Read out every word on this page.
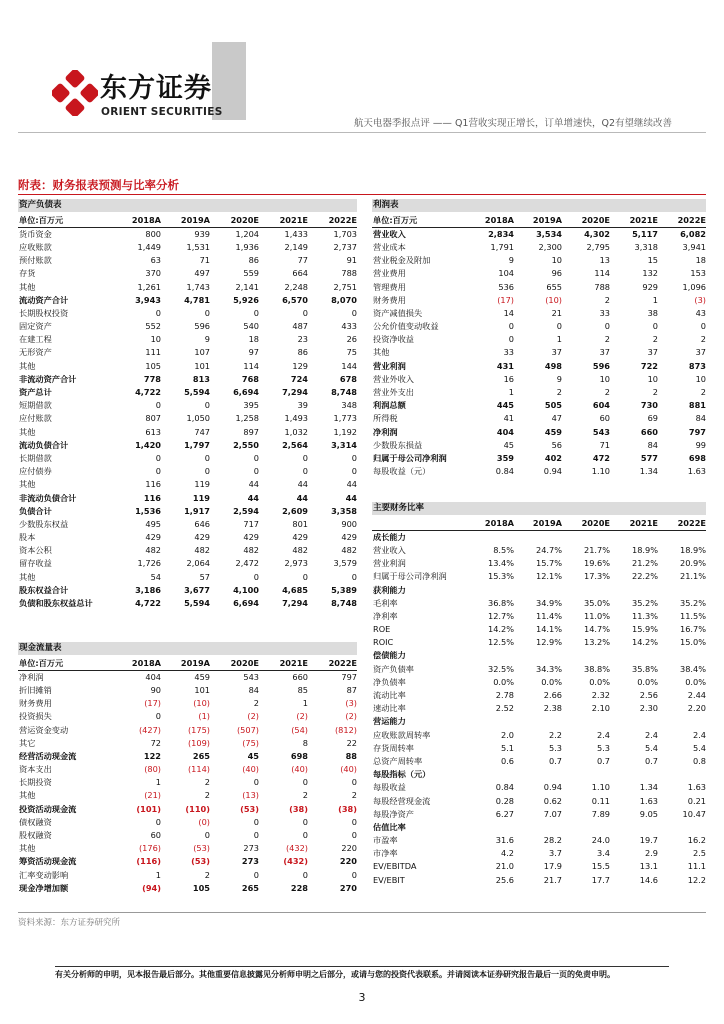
东方证券
ORIENT SECURITIES
航天电器季报点评 —— Q1营收实现正增长，订单增速快，Q2有望继续改善
附表：财务报表预测与比率分析
资产负债表
单位:百万元	2018A	2019A	2020E	2021E	2022E
货币资金	800	939	1,204	1,433	1,703
应收账款	1,449	1,531	1,936	2,149	2,737
预付账款	63	71	86	77	91
存货	370	497	559	664	788
其他	1,261	1,743	2,141	2,248	2,751
流动资产合计	3,943	4,781	5,926	6,570	8,070
长期股权投资	0	0	0	0	0
固定资产	552	596	540	487	433
在建工程	10	9	18	23	26
无形资产	111	107	97	86	75
其他	105	101	114	129	144
非流动资产合计	778	813	768	724	678
资产总计	4,722	5,594	6,694	7,294	8,748
短期借款	0	0	395	39	348
应付账款	807	1,050	1,258	1,493	1,773
其他	613	747	897	1,032	1,192
流动负债合计	1,420	1,797	2,550	2,564	3,314
长期借款	0	0	0	0	0
应付债券	0	0	0	0	0
其他	116	119	44	44	44
非流动负债合计	116	119	44	44	44
负债合计	1,536	1,917	2,594	2,609	3,358
少数股东权益	495	646	717	801	900
股本	429	429	429	429	429
资本公积	482	482	482	482	482
留存收益	1,726	2,064	2,472	2,973	3,579
其他	54	57	0	0	0
股东权益合计	3,186	3,677	4,100	4,685	5,389
负债和股东权益总计	4,722	5,594	6,694	7,294	8,748
现金流量表
单位:百万元	2018A	2019A	2020E	2021E	2022E
净利润	404	459	543	660	797
折旧摊销	90	101	84	85	87
财务费用	(17)	(10)	2	1	(3)
投资损失	0	(1)	(2)	(2)	(2)
营运资金变动	(427)	(175)	(507)	(54)	(812)
其它	72	(109)	(75)	8	22
经营活动现金流	122	265	45	698	88
资本支出	(80)	(114)	(40)	(40)	(40)
长期投资	1	2	0	0	0
其他	(21)	2	(13)	2	2
投资活动现金流	(101)	(110)	(53)	(38)	(38)
债权融资	0	(0)	0	0	0
股权融资	60	0	0	0	0
其他	(176)	(53)	273	(432)	220
筹资活动现金流	(116)	(53)	273	(432)	220
汇率变动影响	1	2	0	0	0
现金净增加额	(94)	105	265	228	270
利润表
单位:百万元	2018A	2019A	2020E	2021E	2022E
营业收入	2,834	3,534	4,302	5,117	6,082
营业成本	1,791	2,300	2,795	3,318	3,941
营业税金及附加	9	10	13	15	18
营业费用	104	96	114	132	153
管理费用	536	655	788	929	1,096
财务费用	(17)	(10)	2	1	(3)
资产减值损失	14	21	33	38	43
公允价值变动收益	0	0	0	0	0
投资净收益	0	1	2	2	2
其他	33	37	37	37	37
营业利润	431	498	596	722	873
营业外收入	16	9	10	10	10
营业外支出	1	2	2	2	2
利润总额	445	505	604	730	881
所得税	41	47	60	69	84
净利润	404	459	543	660	797
少数股东损益	45	56	71	84	99
归属于母公司净利润	359	402	472	577	698
每股收益（元）	0.84	0.94	1.10	1.34	1.63
主要财务比率
2018A	2019A	2020E	2021E	2022E
成长能力
营业收入	8.5%	24.7%	21.7%	18.9%	18.9%
营业利润	13.4%	15.7%	19.6%	21.2%	20.9%
归属于母公司净利润	15.3%	12.1%	17.3%	22.2%	21.1%
获利能力
毛利率	36.8%	34.9%	35.0%	35.2%	35.2%
净利率	12.7%	11.4%	11.0%	11.3%	11.5%
ROE	14.2%	14.1%	14.7%	15.9%	16.7%
ROIC	12.5%	12.9%	13.2%	14.2%	15.0%
偿债能力
资产负债率	32.5%	34.3%	38.8%	35.8%	38.4%
净负债率	0.0%	0.0%	0.0%	0.0%	0.0%
流动比率	2.78	2.66	2.32	2.56	2.44
速动比率	2.52	2.38	2.10	2.30	2.20
营运能力
应收账款周转率	2.0	2.2	2.4	2.4	2.4
存货周转率	5.1	5.3	5.3	5.4	5.4
总资产周转率	0.6	0.7	0.7	0.7	0.8
每股指标（元）
每股收益	0.84	0.94	1.10	1.34	1.63
每股经营现金流	0.28	0.62	0.11	1.63	0.21
每股净资产	6.27	7.07	7.89	9.05	10.47
估值比率
市盈率	31.6	28.2	24.0	19.7	16.2
市净率	4.2	3.7	3.4	2.9	2.5
EV/EBITDA	21.0	17.9	15.5	13.1	11.1
EV/EBIT	25.6	21.7	17.7	14.6	12.2
资料来源：东方证券研究所
有关分析师的申明，见本报告最后部分。其他重要信息披露见分析师申明之后部分，或请与您的投资代表联系。并请阅读本证券研究报告最后一页的免责申明。
3
